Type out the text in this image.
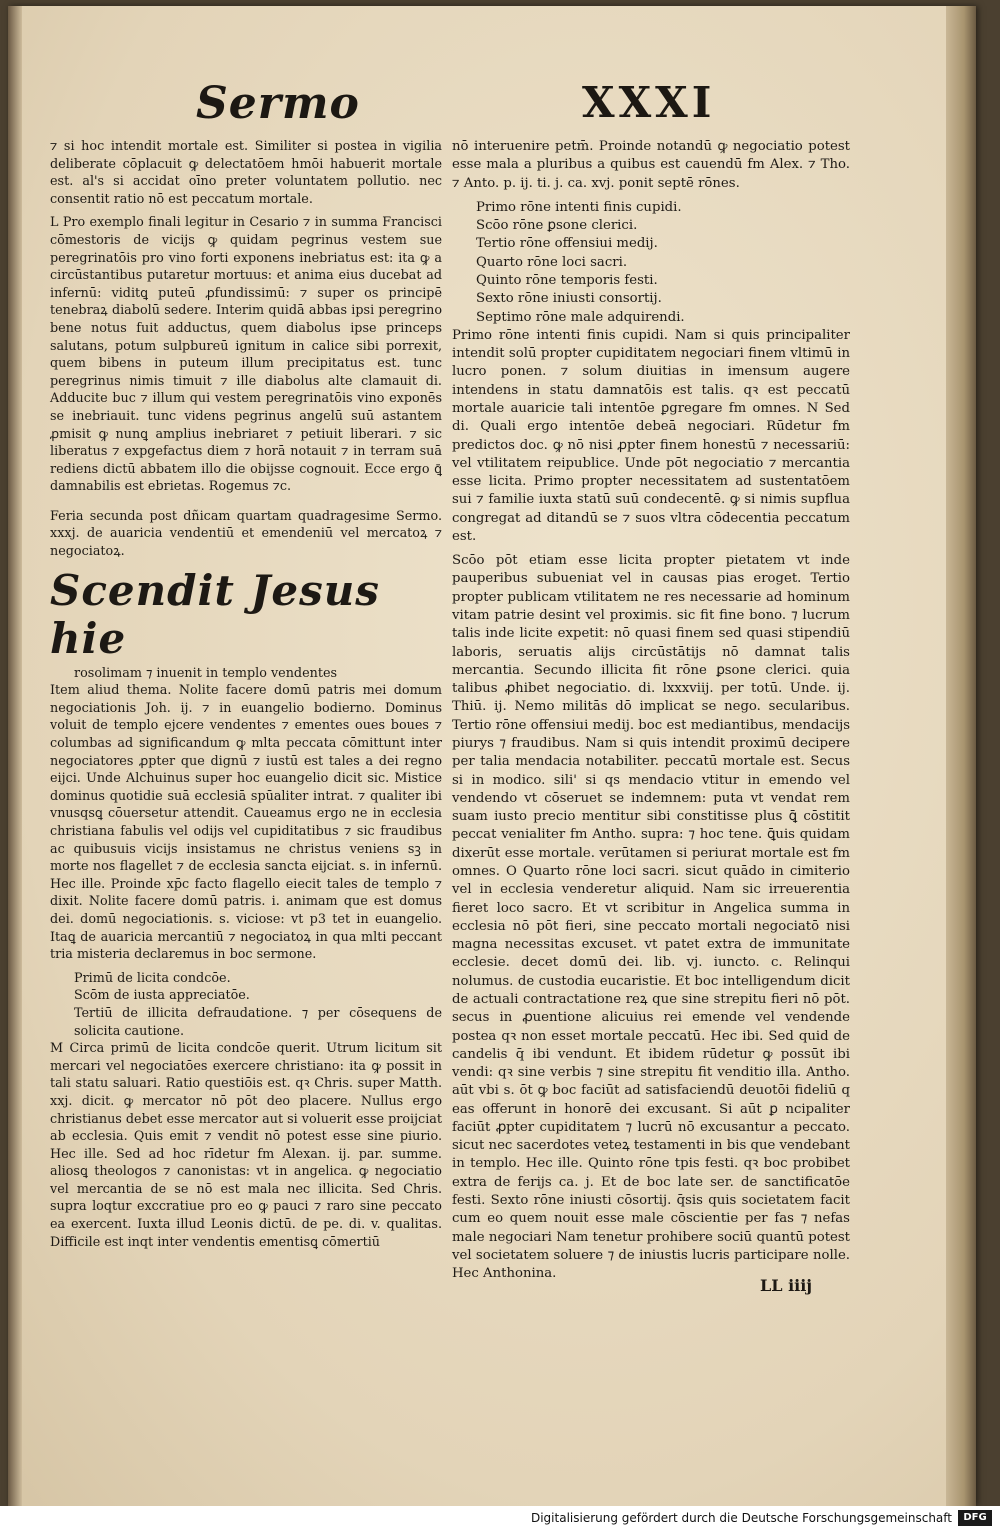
Sermo	XXXI

⁊ si hoc intendit mortale est. Similiter si postea in vigilia deliberate cōplacuit ꝙ delectatōem hmōi habuerit mortale est. al's si accidat oīno preter voluntatem pollutio. nec consentit ratio nō est peccatum mortale.

L Pro exemplo finali legitur in Cesario ⁊ in summa Francisci cōmestoris de vicijs ꝙ quidam pegrinus vestem sue peregrinatōis pro vino forti exponens inebriatus est: ita ꝙ a circūstantibus putaretur mortuus: et anima eius ducebat ad infernū: viditꝗ puteū ꝓfundissimū: ⁊ super os principē tenebraꝝ diabolū sedere. Interim quidā abbas ipsi peregrino bene notus fuit adductus, quem diabolus ipse princeps salutans, potum sulpbureū ignitum in calice sibi porrexit, quem bibens in puteum illum precipitatus est. tunc peregrinus nimis timuit ⁊ ille diabolus alte clamauit di. Adducite buc ⁊ illum qui vestem peregrinatōis vino exponēs se inebriauit. tunc videns pegrinus angelū suū astantem ꝓmisit ꝙ nunꝗ amplius inebriaret ⁊ petiuit liberari. ⁊ sic liberatus ⁊ expgefactus diem ⁊ horā notauit ⁊ in terram suā rediens dictū abbatem illo die obijsse cognouit. Ecce ergo ꝗ̄ damnabilis est ebrietas. Rogemus ⁊c.

Feria secunda post dñicam quartam quadragesime Sermo. xxxj. de auaricia vendentiū et emendeniū vel mercatoꝝ ⁊ negociatoꝝ.

Scendit Jesus hie

rosolimam ⁊ inuenit in templo vendentes

Item aliud thema. Nolite facere domū patris mei domum negociationis Joh. ij. ⁊ in euangelio bodierno. Dominus voluit de templo ejcere vendentes ⁊ ementes oues boues ⁊ columbas ad significandum ꝙ mlta peccata cōmittunt inter negociatores ꝓpter que dignū ⁊ iustū est tales a dei regno eijci. Unde Alchuinus super hoc euangelio dicit sic. Mistice dominus quotidie suā ecclesiā spūaliter intrat. ⁊ qualiter ibi vnusqsꝗ cōuersetur attendit. Caueamus ergo ne in ecclesia christiana fabulis vel odijs vel cupiditatibus ⁊ sic fraudibus ac quibusuis vicijs insistamus ne christus veniens sꝫ in morte nos flagellet ⁊ de ecclesia sancta eijciat. s. in infernū. Hec ille. Proinde xp̄c facto flagello eiecit tales de templo ⁊ dixit. Nolite facere domū patris. i. animam que est domus dei. domū negociationis. s. viciose: vt p3 tet in euangelio. Itaꝗ de auaricia mercantiū ⁊ negociatoꝝ in qua mlti peccant tria misteria declaremus in boc sermone.

Primū de licita condcōe.

Scōm de iusta appreciatōe.

Tertiū de illicita defraudatione. ⁊ per cōsequens de solicita cautione.

M Circa primū de licita condcōe querit. Utrum licitum sit mercari vel negociatōes exercere christiano: ita ꝙ possit in tali statu saluari. Ratio questiōis est. qꝛ Chris. super Matth. xxj. dicit. ꝙ mercator nō pōt deo placere. Nullus ergo christianus debet esse mercator aut si voluerit esse proijciat ab ecclesia. Quis emit ⁊ vendit nō potest esse sine piurio. Hec ille. Sed ad hoc rīdetur fm Alexan. ij. par. summe. aliosꝗ theologos ⁊ canonistas: vt in angelica. ꝙ negociatio vel mercantia de se nō est mala nec illicita. Sed Chris. supra loqtur exccratiue pro eo ꝙ pauci ⁊ raro sine peccato ea exercent. Iuxta illud Leonis dictū. de pe. di. v. qualitas. Difficile est inqt inter vendentis ementisꝗ cōmertiū

nō interuenire petm̄. Proinde notandū ꝙ negociatio potest esse mala a pluribus a quibus est cauendū fm Alex. ⁊ Tho. ⁊ Anto. p. ij. ti. j. ca. xvj. ponit septē rōnes.

Primo rōne intenti finis cupidi.

Scōo rōne ꝑsone clerici.

Tertio rōne offensiui medij.

Quarto rōne loci sacri.

Quinto rōne temporis festi.

Sexto rōne iniusti consortij.

Septimo rōne male adquirendi.

Primo rōne intenti finis cupidi. Nam si quis principaliter intendit solū propter cupiditatem negociari finem vltimū in lucro ponen. ⁊ solum diuitias in imensum augere intendens in statu damnatōis est talis. qꝛ est peccatū mortale auaricie tali intentōe ꝑgregare fm omnes. N Sed di. Quali ergo intentōe debeā negociari. Rūdetur fm predictos doc. ꝙ nō nisi ꝓpter finem honestū ⁊ necessariū: vel vtilitatem reipublice. Unde pōt negociatio ⁊ mercantia esse licita. Primo propter necessitatem ad sustentatōem sui ⁊ familie iuxta statū suū condecentē. ꝙ si nimis supflua congregat ad ditandū se ⁊ suos vltra cōdecentia peccatum est.

Scōo pōt etiam esse licita propter pietatem vt inde pauperibus subueniat vel in causas pias eroget. Tertio propter publicam vtilitatem ne res necessarie ad hominum vitam patrie desint vel proximis. sic fit fine bono. ⁊ lucrum talis inde licite expetit: nō quasi finem sed quasi stipendiū laboris, seruatis alijs circūstātijs nō damnat talis mercantia. Secundo illicita fit rōne ꝑsone clerici. quia talibus ꝓhibet negociatio. di. lxxxviij. per totū. Unde. ij. Thiū. ij. Nemo militās dō implicat se nego. secularibus. Tertio rōne offensiui medij. boc est mediantibus, mendacijs piurys ⁊ fraudibus. Nam si quis intendit proximū decipere per talia mendacia notabiliter. peccatū mortale est. Secus si in modico. sili' si qs mendacio vtitur in emendo vel vendendo vt cōseruet se indemnem: puta vt vendat rem suam iusto precio mentitur sibi constitisse plus ꝗ̄ cōstitit peccat venialiter fm Antho. supra: ⁊ hoc tene. ꝗ̄uis quidam dixerūt esse mortale. verūtamen si periurat mortale est fm omnes. O Quarto rōne loci sacri. sicut quādo in cimiterio vel in ecclesia venderetur aliquid. Nam sic irreuerentia fieret loco sacro. Et vt scribitur in Angelica summa in ecclesia nō pōt fieri, sine peccato mortali negociatō nisi magna necessitas excuset. vt patet extra de immunitate ecclesie. decet domū dei. lib. vj. iuncto. c. Relinqui nolumus. de custodia eucaristie. Et boc intelligendum dicit de actuali contractatione reꝝ que sine strepitu fieri nō pōt. secus in ꝓuentione alicuius rei emende vel vendende postea qꝛ non esset mortale peccatū. Hec ibi. Sed quid de candelis q̄ ibi vendunt. Et ibidem rūdetur ꝙ possūt ibi vendi: qꝛ sine verbis ⁊ sine strepitu fit venditio illa. Antho. aūt vbi s. ōt ꝙ boc faciūt ad satisfaciendū deuotōi fideliū q eas offerunt in honorē dei excusant. Si aūt ꝑ ncipaliter faciūt ꝓpter cupiditatem ⁊ lucrū nō excusantur a peccato. sicut nec sacerdotes veteꝝ testamenti in bis que vendebant in templo. Hec ille. Quinto rōne tpis festi. qꝛ boc probibet extra de ferijs ca. j. Et de boc late ser. de sanctificatōe festi. Sexto rōne iniusti cōsortij. q̄sis quis societatem facit cum eo quem nouit esse male cōscientie per fas ⁊ nefas male negociari Nam tenetur prohibere sociū quantū potest vel societatem soluere ⁊ de iniustis lucris participare nolle. Hec Anthonina.

LL iiij
Digitalisierung gefördert durch die Deutsche Forschungsgemeinschaft	DFG
